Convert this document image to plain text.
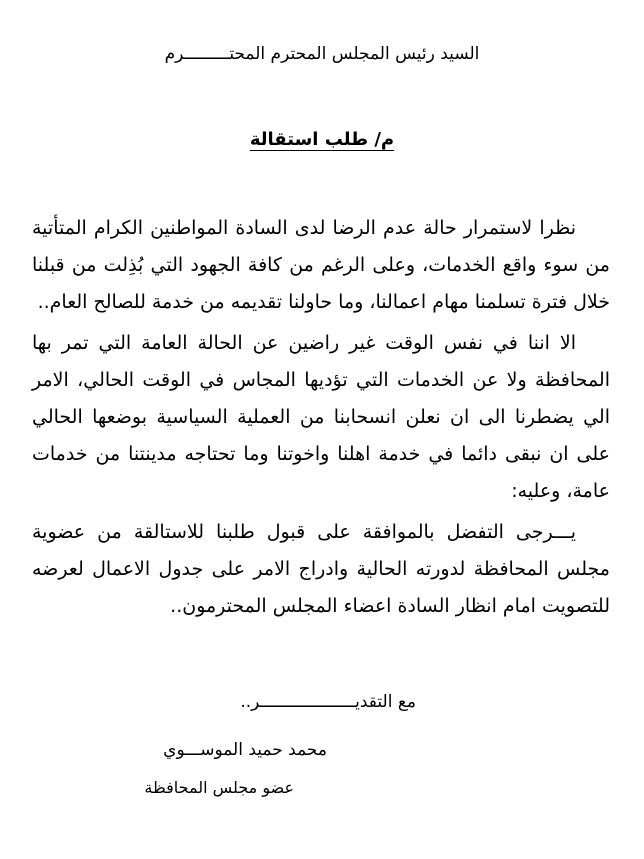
السيد رئيس المجلس المحترم المحتـــــــــرم
م/ طلب استقالة

نظرا لاستمرار حالة عدم الرضا لدى السادة المواطنين الكرام المتأتية من سوء واقع الخدمات، وعلى الرغم من كافة الجهود التي بُذِلت من قبلنا خلال فترة تسلمنا مهام اعمالنا، وما حاولنا تقديمه من خدمة للصالح العام..

الا اننا في نفس الوقت غير راضين عن الحالة العامة التي تمر بها المحافظة ولا عن الخدمات التي تؤديها المجاس في الوقت الحالي، الامر الي يضطرنا الى ان نعلن انسحابنا من العملية السياسية بوضعها الحالي على ان نبقى دائما في خدمة اهلنا واخوتنا وما تحتاجه مدينتنا من خدمات عامة، وعليه:

يـــرجى التفضل بالموافقة على قبول طلبنا للاستالقة من عضوية مجلس المحافظة لدورته الحالية وادراج الامر على جدول الاعمال لعرضه للتصويت امام انظار السادة اعضاء المجلس المحترمون..

مع التقديـــــــــــــــــــر..
محمد حميد الموســـوي
عضو مجلس المحافظة
